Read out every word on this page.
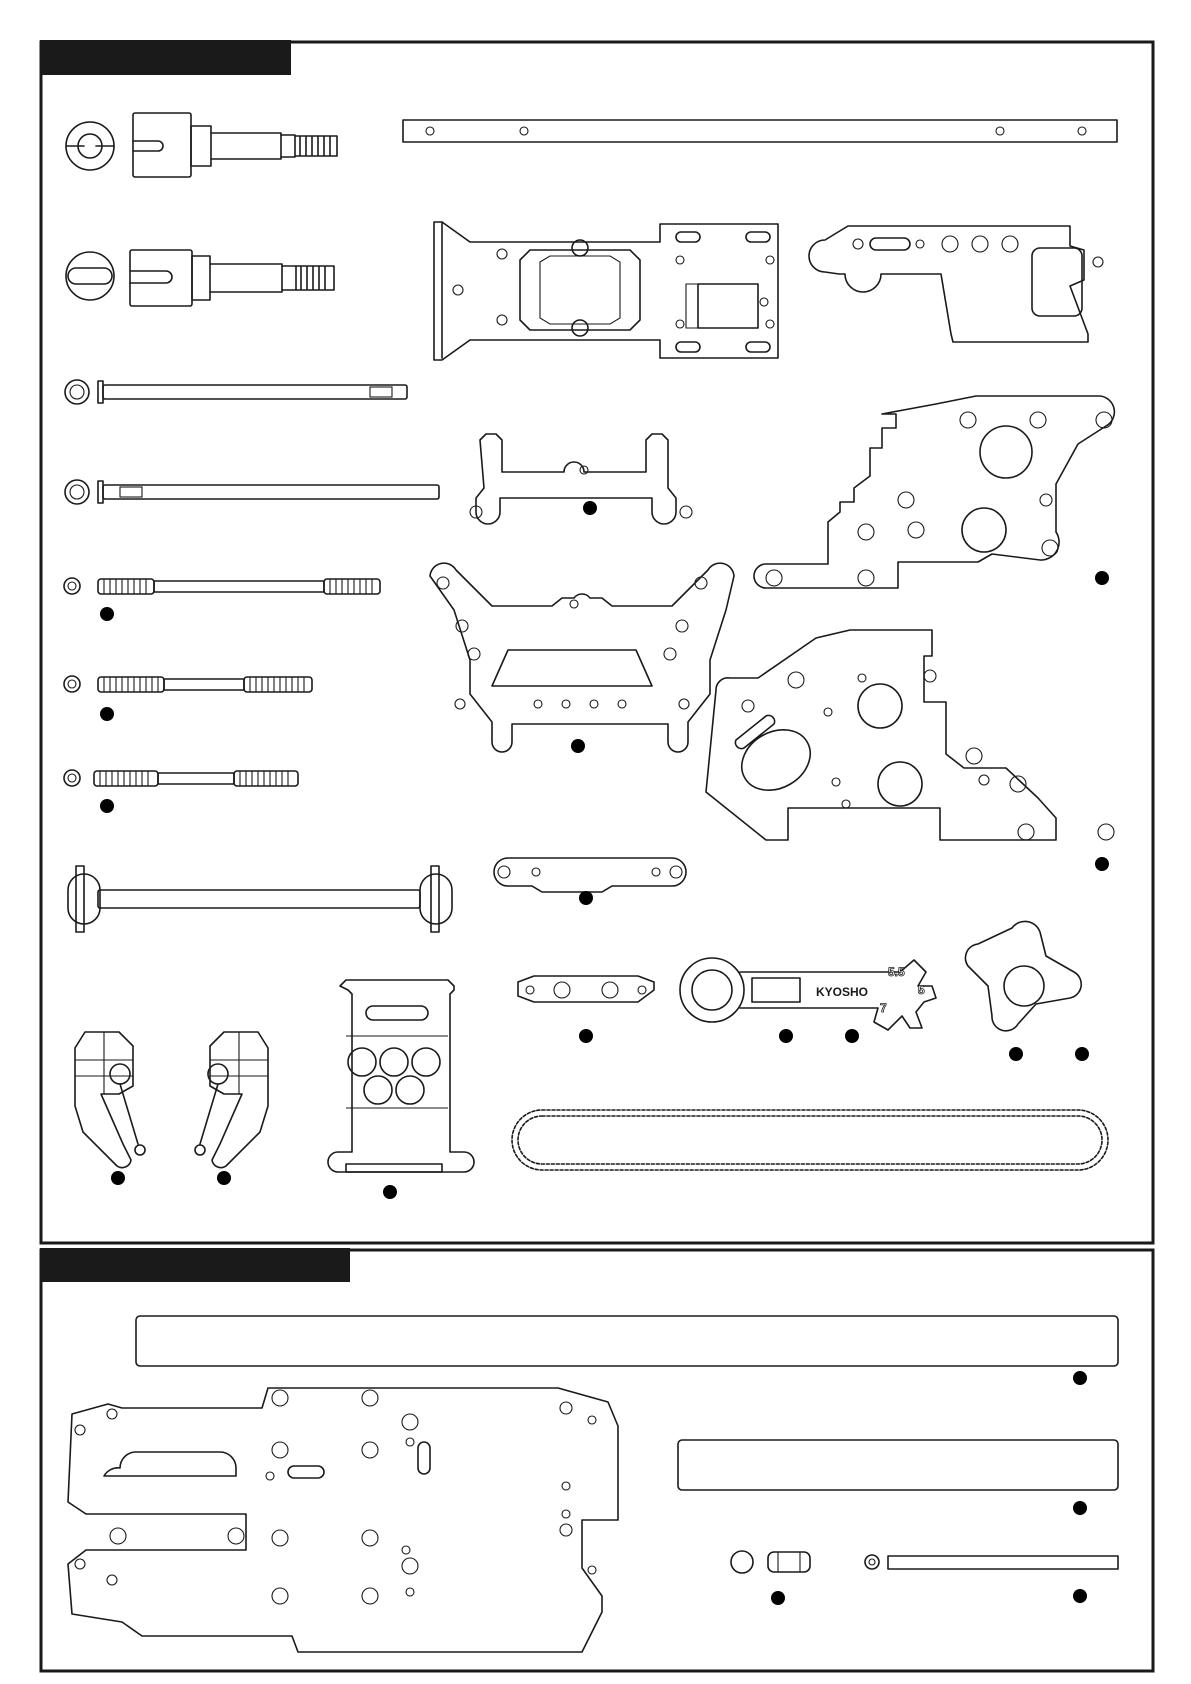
KYOSHO
5.5
5
7
